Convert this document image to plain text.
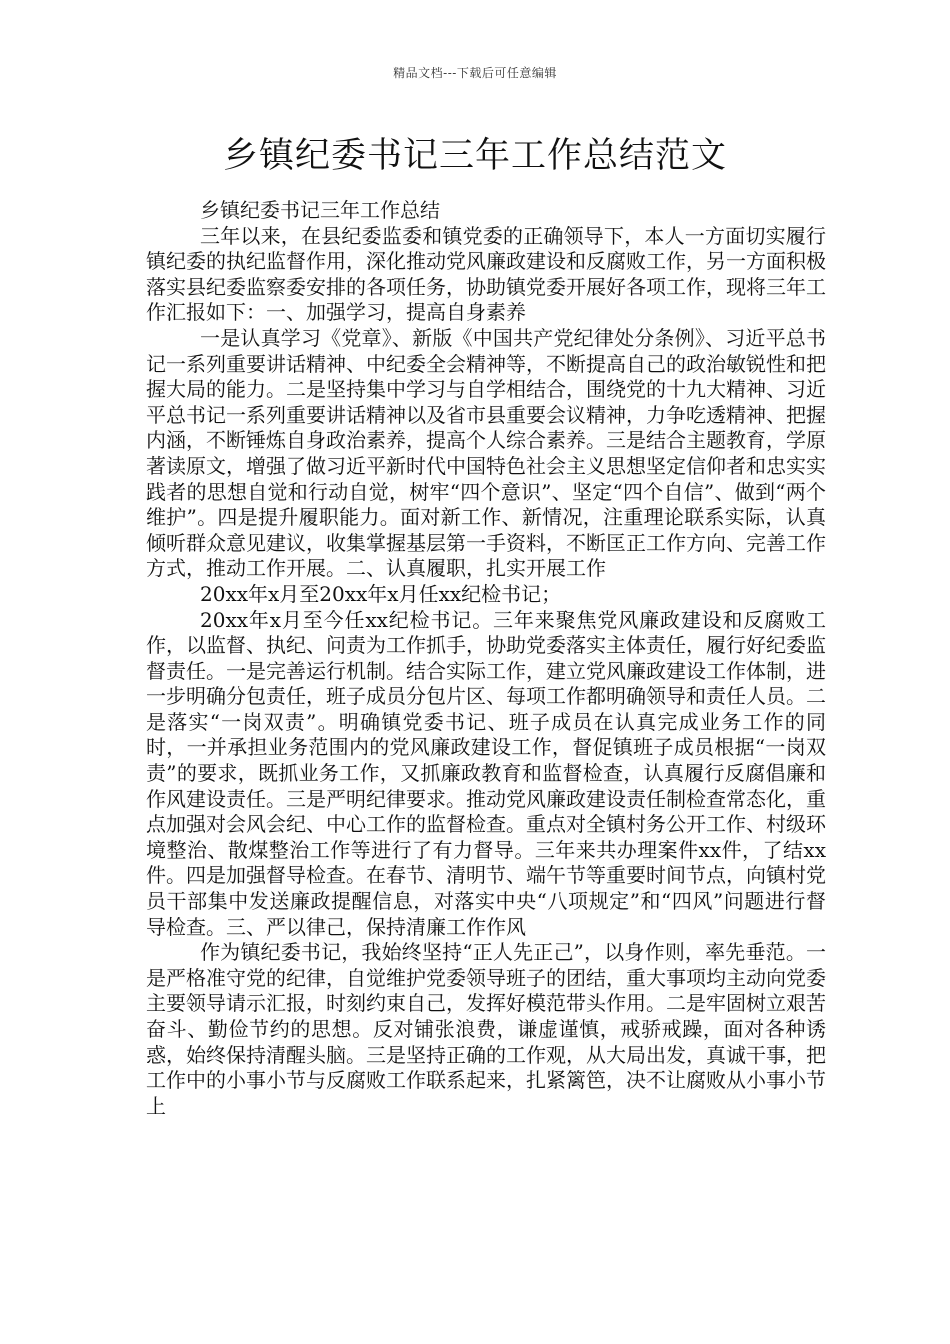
精品文档---下载后可任意编辑
乡镇纪委书记三年工作总结范文

乡镇纪委书记三年工作总结

三年以来，在县纪委监委和镇党委的正确领导下，本人一方面切实履行镇纪委的执纪监督作用，深化推动党风廉政建设和反腐败工作，另一方面积极落实县纪委监察委安排的各项任务，协助镇党委开展好各项工作，现将三年工作汇报如下：一、加强学习，提高自身素养

一是认真学习《党章》、新版《中国共产党纪律处分条例》、习近平总书记一系列重要讲话精神、中纪委全会精神等，不断提高自己的政治敏锐性和把握大局的能力。二是坚持集中学习与自学相结合，围绕党的十九大精神、习近平总书记一系列重要讲话精神以及省市县重要会议精神，力争吃透精神、把握内涵，不断锤炼自身政治素养，提高个人综合素养。三是结合主题教育，学原著读原文，增强了做习近平新时代中国特色社会主义思想坚定信仰者和忠实实践者的思想自觉和行动自觉，树牢“四个意识”、坚定“四个自信”、做到“两个维护”。四是提升履职能力。面对新工作、新情况，注重理论联系实际，认真倾听群众意见建议，收集掌握基层第一手资料，不断匡正工作方向、完善工作方式，推动工作开展。二、认真履职，扎实开展工作

20xx年x月至20xx年x月任xx纪检书记；

20xx年x月至今任xx纪检书记。三年来聚焦党风廉政建设和反腐败工作，以监督、执纪、问责为工作抓手，协助党委落实主体责任，履行好纪委监督责任。一是完善运行机制。结合实际工作，建立党风廉政建设工作体制，进一步明确分包责任，班子成员分包片区、每项工作都明确领导和责任人员。二是落实“一岗双责”。明确镇党委书记、班子成员在认真完成业务工作的同时，一并承担业务范围内的党风廉政建设工作，督促镇班子成员根据“一岗双责”的要求，既抓业务工作，又抓廉政教育和监督检查，认真履行反腐倡廉和作风建设责任。三是严明纪律要求。推动党风廉政建设责任制检查常态化，重点加强对会风会纪、中心工作的监督检查。重点对全镇村务公开工作、村级环境整治、散煤整治工作等进行了有力督导。三年来共办理案件xx件，了结xx件。四是加强督导检查。在春节、清明节、端午节等重要时间节点，向镇村党员干部集中发送廉政提醒信息，对落实中央“八项规定”和“四风”问题进行督导检查。三、严以律己，保持清廉工作作风

作为镇纪委书记，我始终坚持“正人先正己”，以身作则，率先垂范。一是严格准守党的纪律，自觉维护党委领导班子的团结，重大事项均主动向党委主要领导请示汇报，时刻约束自己，发挥好模范带头作用。二是牢固树立艰苦奋斗、勤俭节约的思想。反对铺张浪费，谦虚谨慎，戒骄戒躁，面对各种诱惑，始终保持清醒头脑。三是坚持正确的工作观，从大局出发，真诚干事，把工作中的小事小节与反腐败工作联系起来，扎紧篱笆，决不让腐败从小事小节上
